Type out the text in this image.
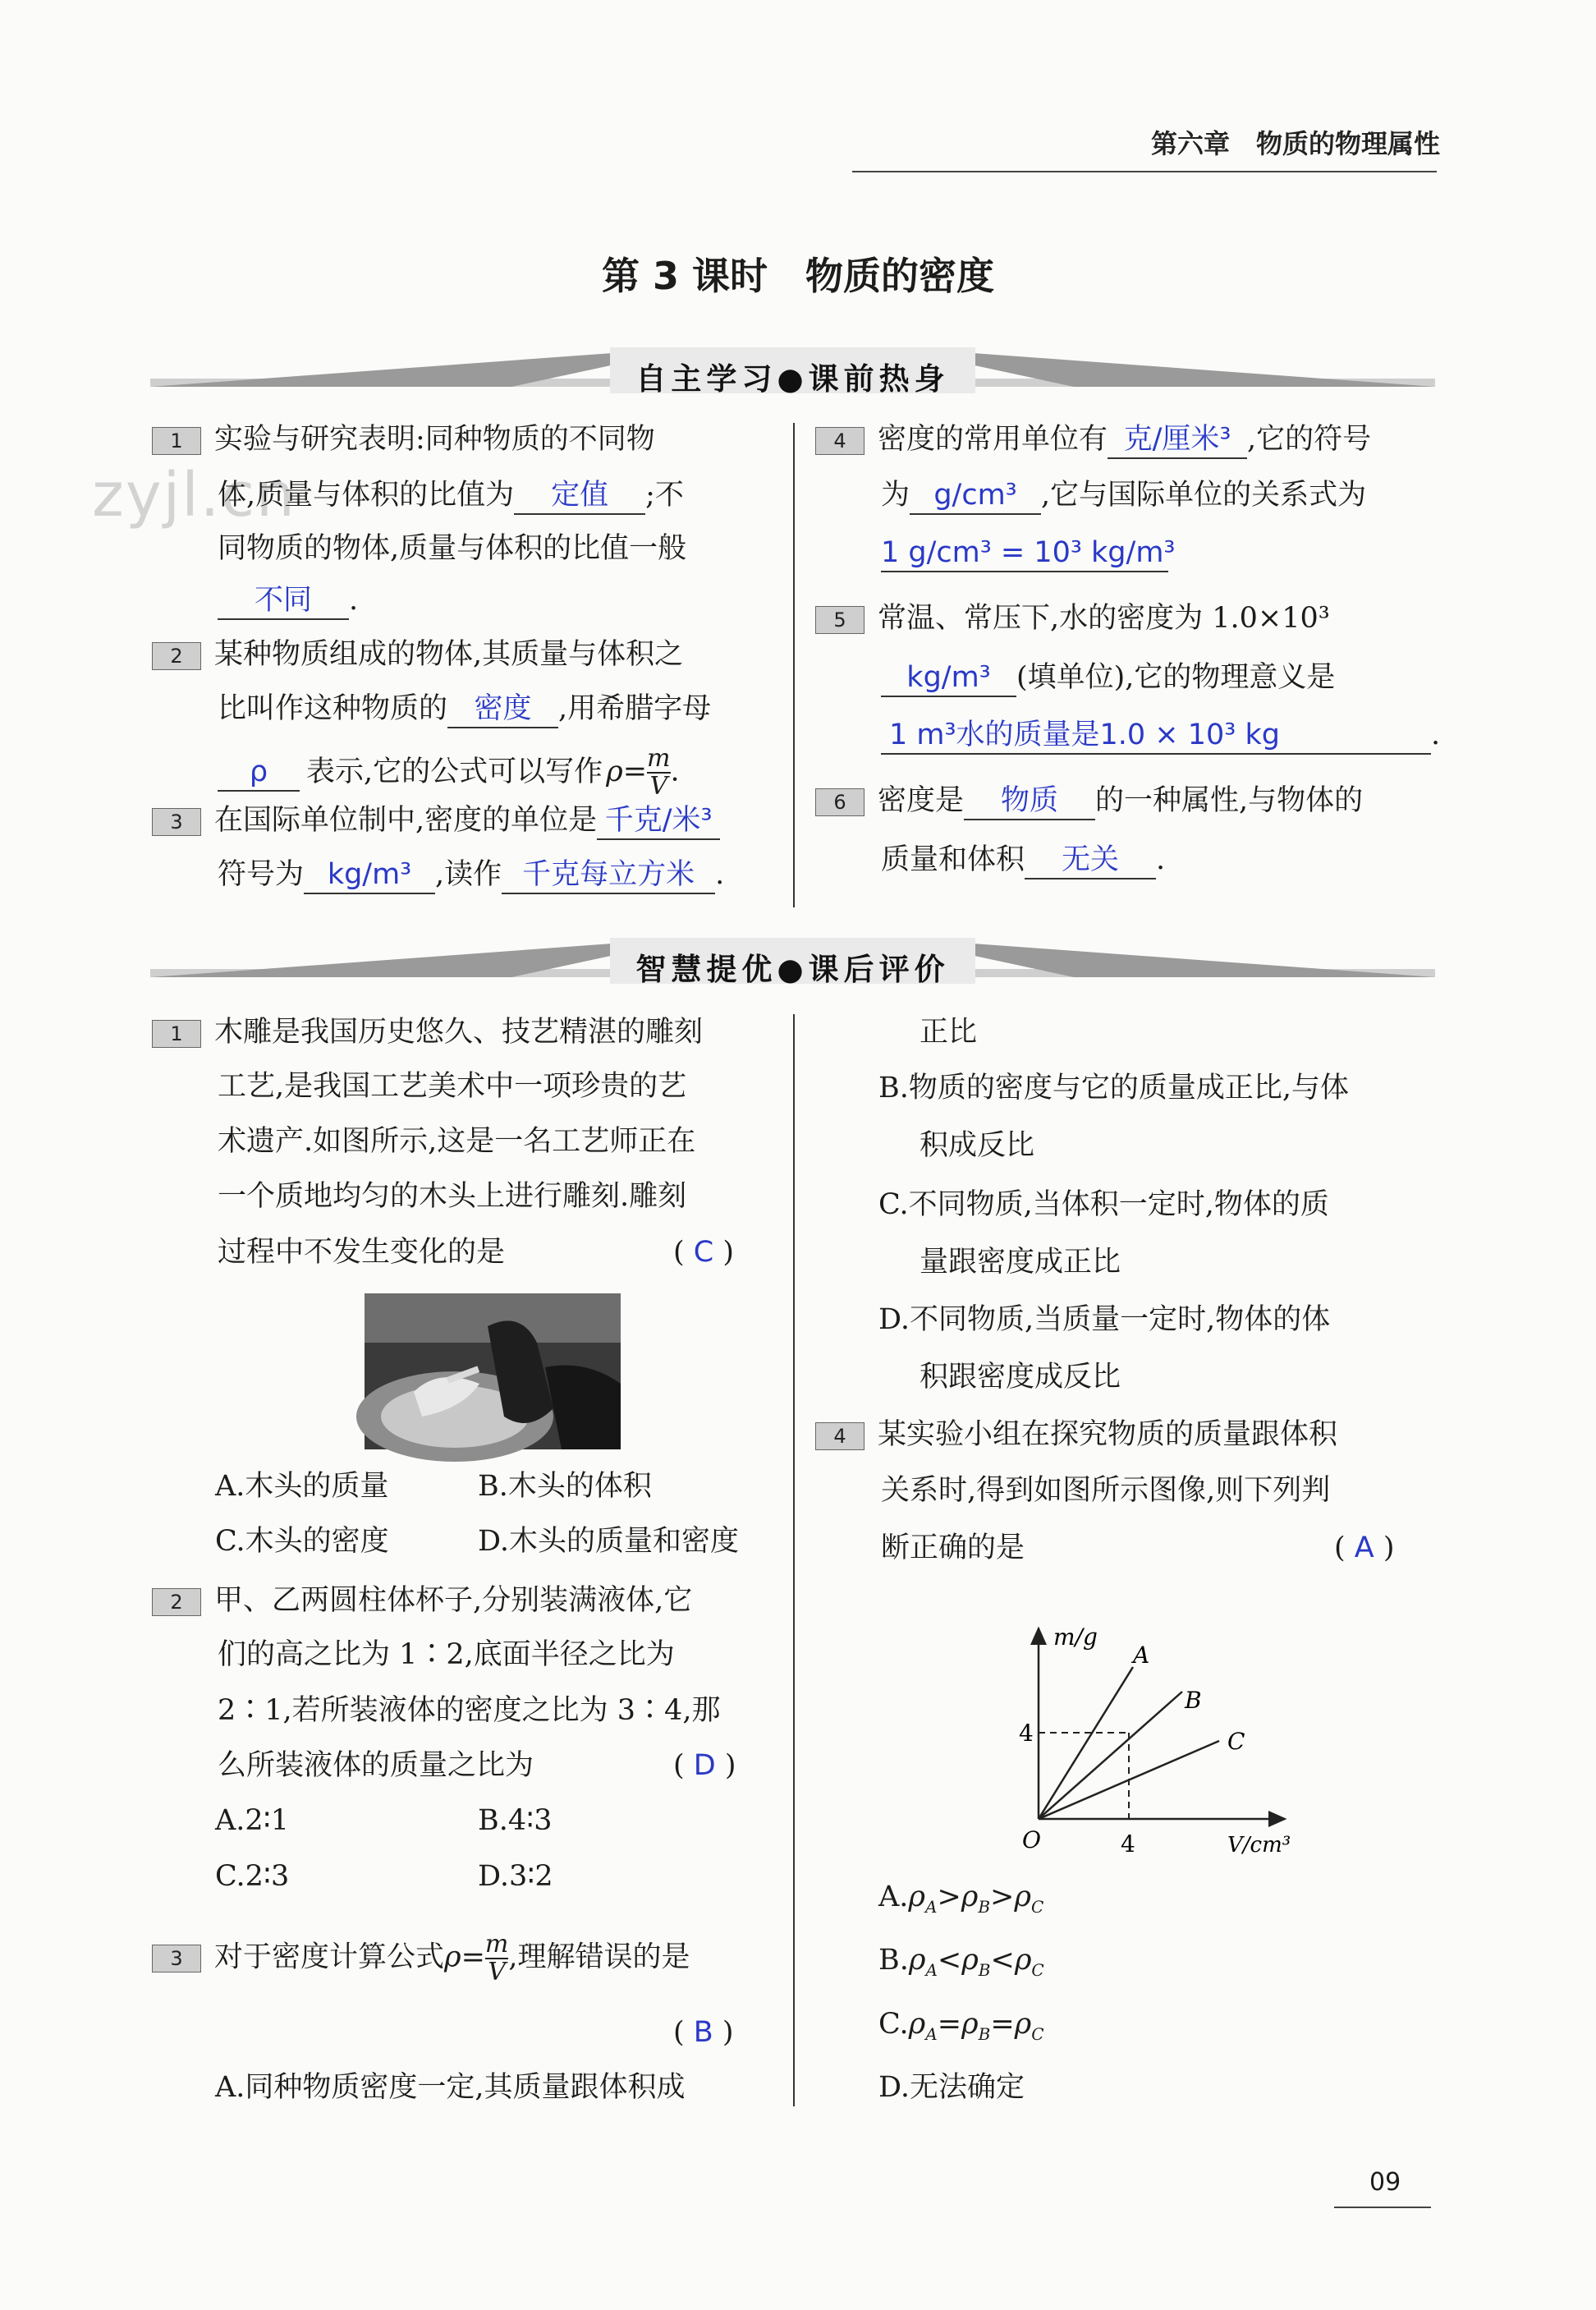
第六章　物质的物理属性
第 3 课时　物质的密度
zyjl.cn
自主学习●课前热身
1 实验与研究表明:同种物质的不同物
体,质量与体积的比值为 定值 ;不
同物质的物体,质量与体积的比值一般
不同 .
2 某种物质组成的物体,其质量与体积之
比叫作这种物质的 密度 ,用希腊字母
ρ 表示,它的公式可以写作 $\rho= \frac{m}{V}$ .
3 在国际单位制中,密度的单位是 千克/米³
符号为 kg/m³ ,读作 千克每立方米 .
4 密度的常用单位有 克/厘米³ ,它的符号
为 g/cm³ ,它与国际单位的关系式为
1 g/cm³ = 10³ kg/m³
5 常温、常压下,水的密度为 1.0×10³
kg/m³ (填单位),它的物理意义是
1 m³水的质量是1.0 × 10³ kg	.
6 密度是 物质 的一种属性,与物体的
质量和体积 无关 .
智慧提优●课后评价
1 木雕是我国历史悠久、技艺精湛的雕刻
工艺,是我国工艺美术中一项珍贵的艺
术遗产.如图所示,这是一名工艺师正在
一个质地均匀的木头上进行雕刻.雕刻
过程中不发生变化的是	( C )
A.木头的质量	B.木头的体积
C.木头的密度	D.木头的质量和密度
2 甲、乙两圆柱体杯子,分别装满液体,它
们的高之比为 1∶2,底面半径之比为
2∶1,若所装液体的密度之比为 3∶4,那
么所装液体的质量之比为	( D )
A.2∶1	B.4∶3
C.2∶3	D.3∶2
3 对于密度计算公式$\rho= \frac{m}{V}$ ,理解错误的是
( B )
A.同种物质密度一定,其质量跟体积成
正比
B.物质的密度与它的质量成正比,与体
积成反比
C.不同物质,当体积一定时,物体的质
量跟密度成正比
D.不同物质,当质量一定时,物体的体
积跟密度成反比
4 某实验小组在探究物质的质量跟体积
关系时,得到如图所示图像,则下列判
断正确的是	( A )
m/g
V/cm³
O	4
4
A
B
C
$A.\rho_A>\rho_B>\rho_C$
$B.\rho_A<\rho_B<\rho_C$
$C.\rho_A=\rho_B=\rho_C$
D.无法确定
09
